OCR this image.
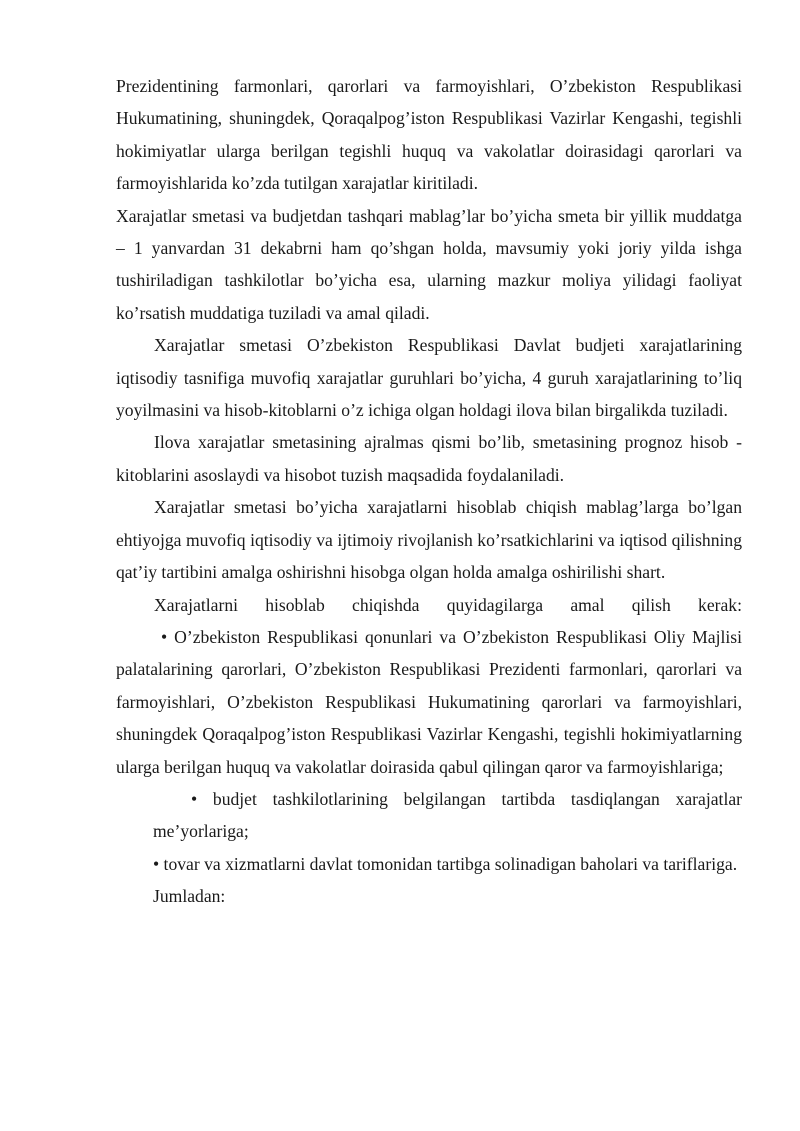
Prezidentining farmonlari, qarorlari va farmoyishlari, O’zbekiston Respublikasi Hukumatining, shuningdek, Qoraqalpog’iston Respublikasi Vazirlar Kengashi, tegishli hokimiyatlar ularga berilgan tegishli huquq va vakolatlar doirasidagi qarorlari va farmoyishlarida ko’zda tutilgan xarajatlar kiritiladi.

Xarajatlar smetasi va budjetdan tashqari mablag’lar bo’yicha smeta bir yillik muddatga – 1 yanvardan 31 dekabrni ham qo’shgan holda, mavsumiy yoki joriy yilda ishga tushiriladigan tashkilotlar bo’yicha esa, ularning mazkur moliya yilidagi faoliyat ko’rsatish muddatiga tuziladi va amal qiladi.

Xarajatlar smetasi O’zbekiston Respublikasi Davlat budjeti xarajatlarining iqtisodiy tasnifiga muvofiq xarajatlar guruhlari bo’yicha, 4 guruh xarajatlarining to’liq yoyilmasini va hisob-kitoblarni o’z ichiga olgan holdagi ilova bilan birgalikda tuziladi.

Ilova xarajatlar smetasining ajralmas qismi bo’lib, smetasining prognoz hisob - kitoblarini asoslaydi va hisobot tuzish maqsadida foydalaniladi.

Xarajatlar smetasi bo’yicha xarajatlarni hisoblab chiqish mablag’larga bo’lgan ehtiyojga muvofiq iqtisodiy va ijtimoiy rivojlanish ko’rsatkichlarini va iqtisod qilishning qat’iy tartibini amalga oshirishni hisobga olgan holda amalga oshirilishi shart.

Xarajatlarni hisoblab chiqishda quyidagilarga amal qilish kerak:

• O’zbekiston Respublikasi qonunlari va O’zbekiston Respublikasi Oliy Majlisi palatalarining qarorlari, O’zbekiston Respublikasi Prezidenti farmonlari, qarorlari va farmoyishlari, O’zbekiston Respublikasi Hukumatining qarorlari va farmoyishlari, shuningdek Qoraqalpog’iston Respublikasi Vazirlar Kengashi, tegishli hokimiyatlarning ularga berilgan huquq va vakolatlar doirasida qabul qilingan qaror va farmoyishlariga;

• budjet tashkilotlarining belgilangan tartibda tasdiqlangan xarajatlar me’yorlariga;

• tovar va xizmatlarni davlat tomonidan tartibga solinadigan baholari va tariflariga.

Jumladan:
